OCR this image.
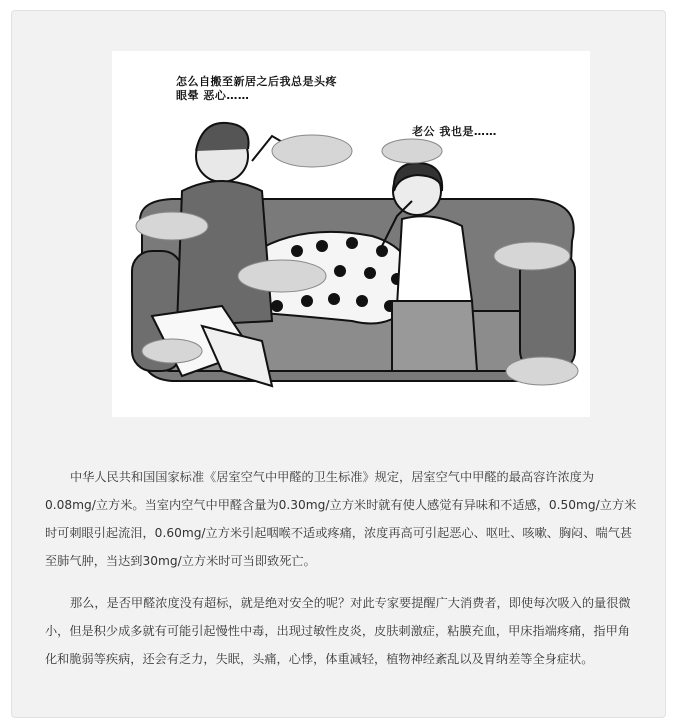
怎么自搬至新居之后我总是头疼
眼晕 恶心……
老公 我也是……

中华人民共和国国家标准《居室空气中甲醛的卫生标准》规定，居室空气中甲醛的最高容许浓度为0.08mg/立方米。当室内空气中甲醛含量为0.30mg/立方米时就有使人感觉有异味和不适感，0.50mg/立方米时可刺眼引起流泪，0.60mg/立方米引起咽喉不适或疼痛，浓度再高可引起恶心、呕吐、咳嗽、胸闷、喘气甚至肺气肿，当达到30mg/立方米时可当即致死亡。

那么，是否甲醛浓度没有超标，就是绝对安全的呢？对此专家要提醒广大消费者，即使每次吸入的量很微小，但是积少成多就有可能引起慢性中毒，出现过敏性皮炎，皮肤刺激症，粘膜充血，甲床指端疼痛，指甲角化和脆弱等疾病，还会有乏力，失眠，头痛，心悸，体重减轻，植物神经紊乱以及胃纳差等全身症状。
